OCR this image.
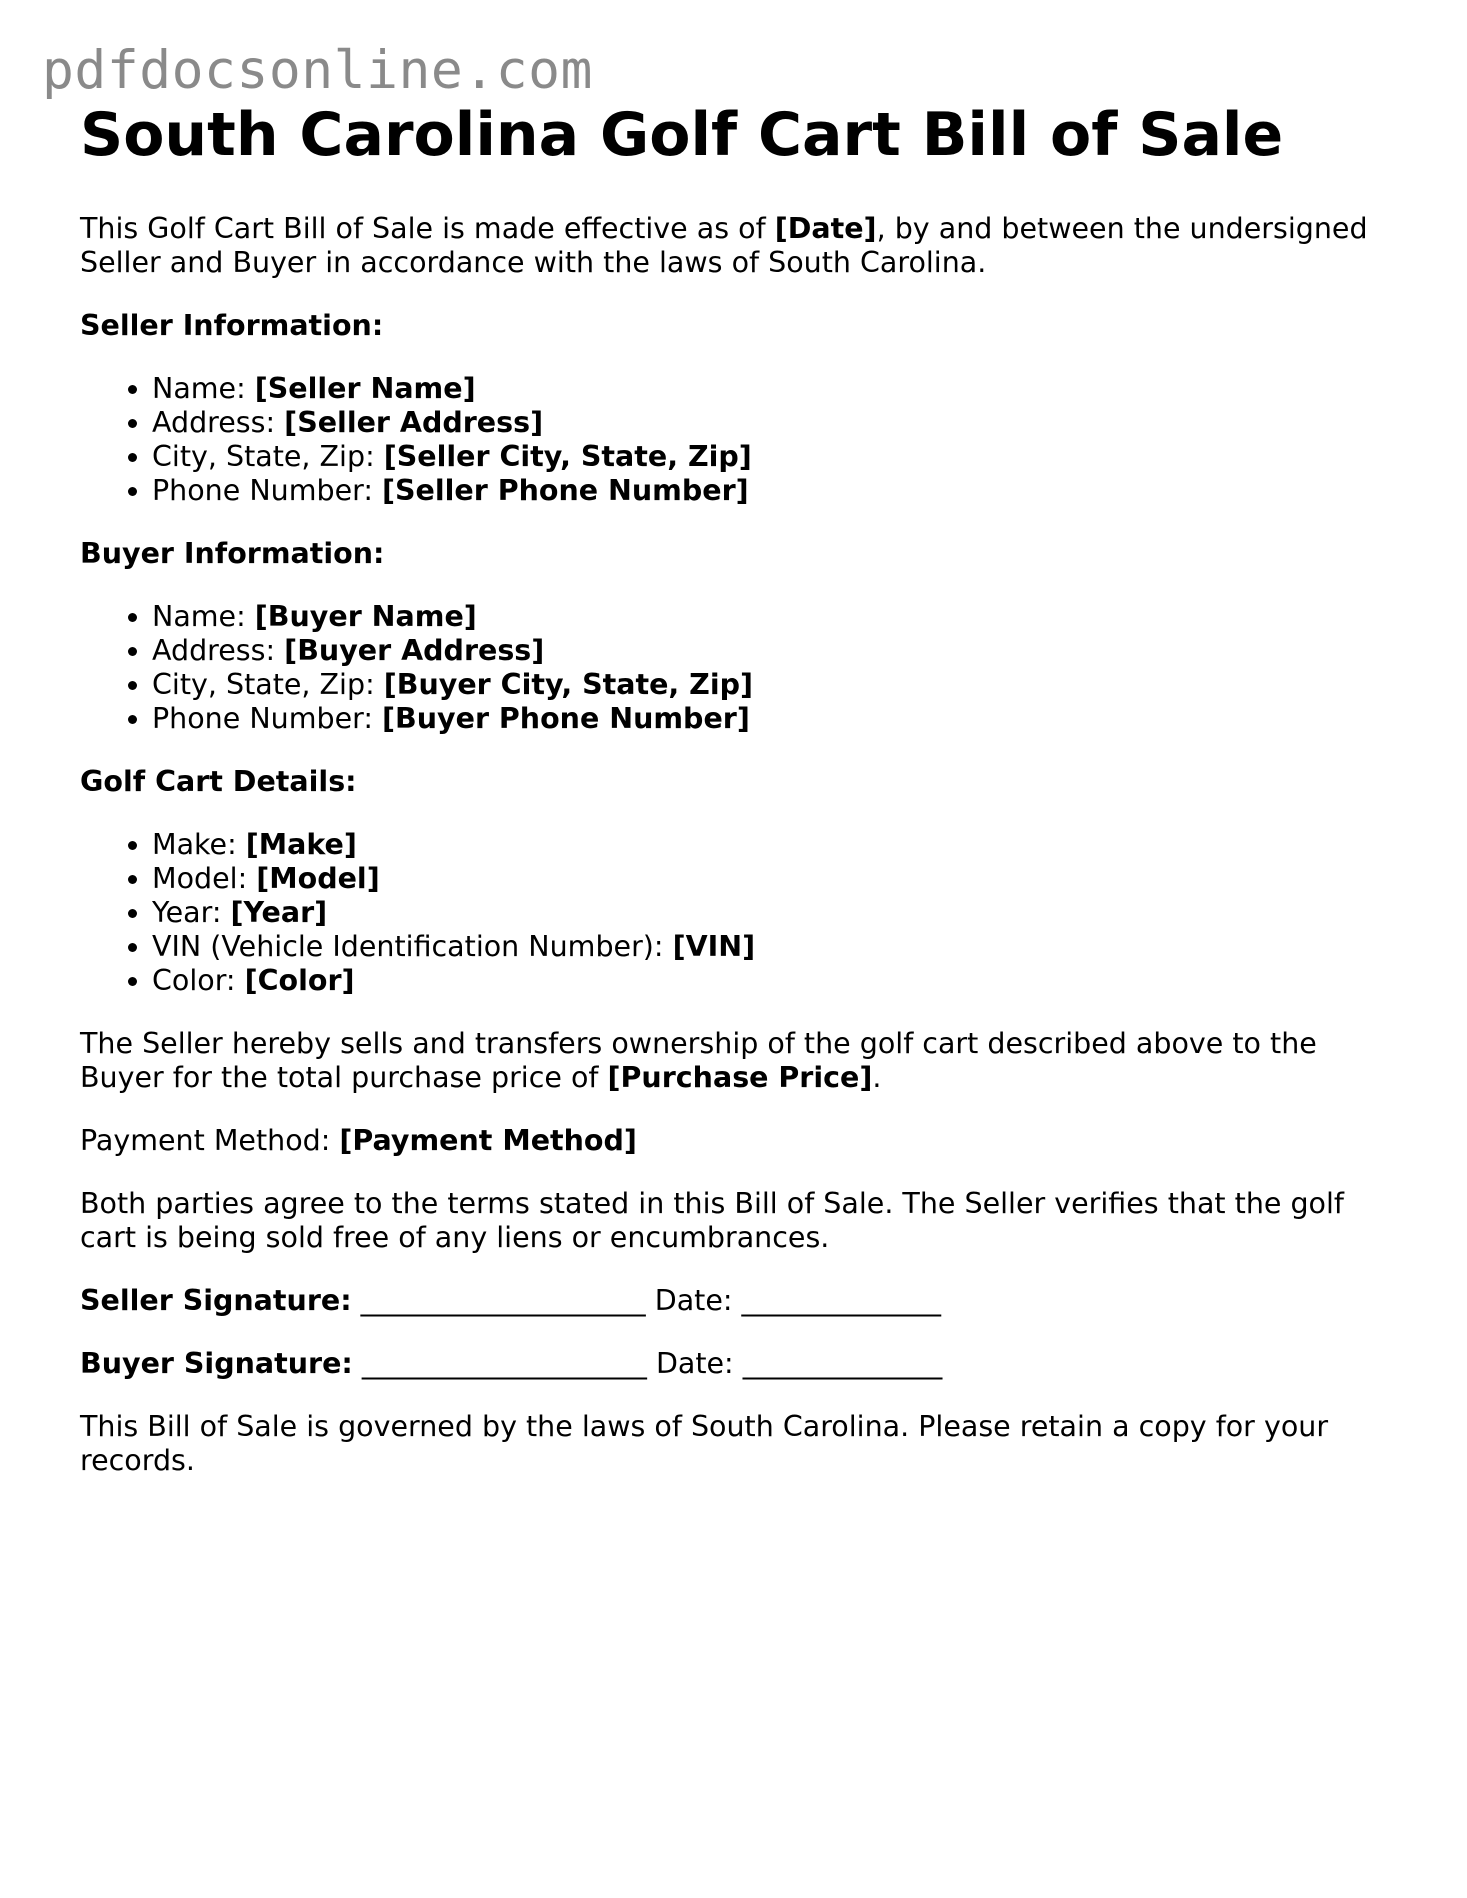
pdfdocsonline.com
South Carolina Golf Cart Bill of Sale

This Golf Cart Bill of Sale is made effective as of [Date], by and between the undersigned Seller and Buyer in accordance with the laws of South Carolina.

Seller Information:

• Name: [Seller Name]
• Address: [Seller Address]
• City, State, Zip: [Seller City, State, Zip]
• Phone Number: [Seller Phone Number]

Buyer Information:

• Name: [Buyer Name]
• Address: [Buyer Address]
• City, State, Zip: [Buyer City, State, Zip]
• Phone Number: [Buyer Phone Number]

Golf Cart Details:

• Make: [Make]
• Model: [Model]
• Year: [Year]
• VIN (Vehicle Identification Number): [VIN]
• Color: [Color]

The Seller hereby sells and transfers ownership of the golf cart described above to the Buyer for the total purchase price of [Purchase Price].

Payment Method: [Payment Method]

Both parties agree to the terms stated in this Bill of Sale. The Seller verifies that the golf cart is being sold free of any liens or encumbrances.

Seller Signature: ____________________ Date: ______________

Buyer Signature: ____________________ Date: ______________

This Bill of Sale is governed by the laws of South Carolina. Please retain a copy for your records.
